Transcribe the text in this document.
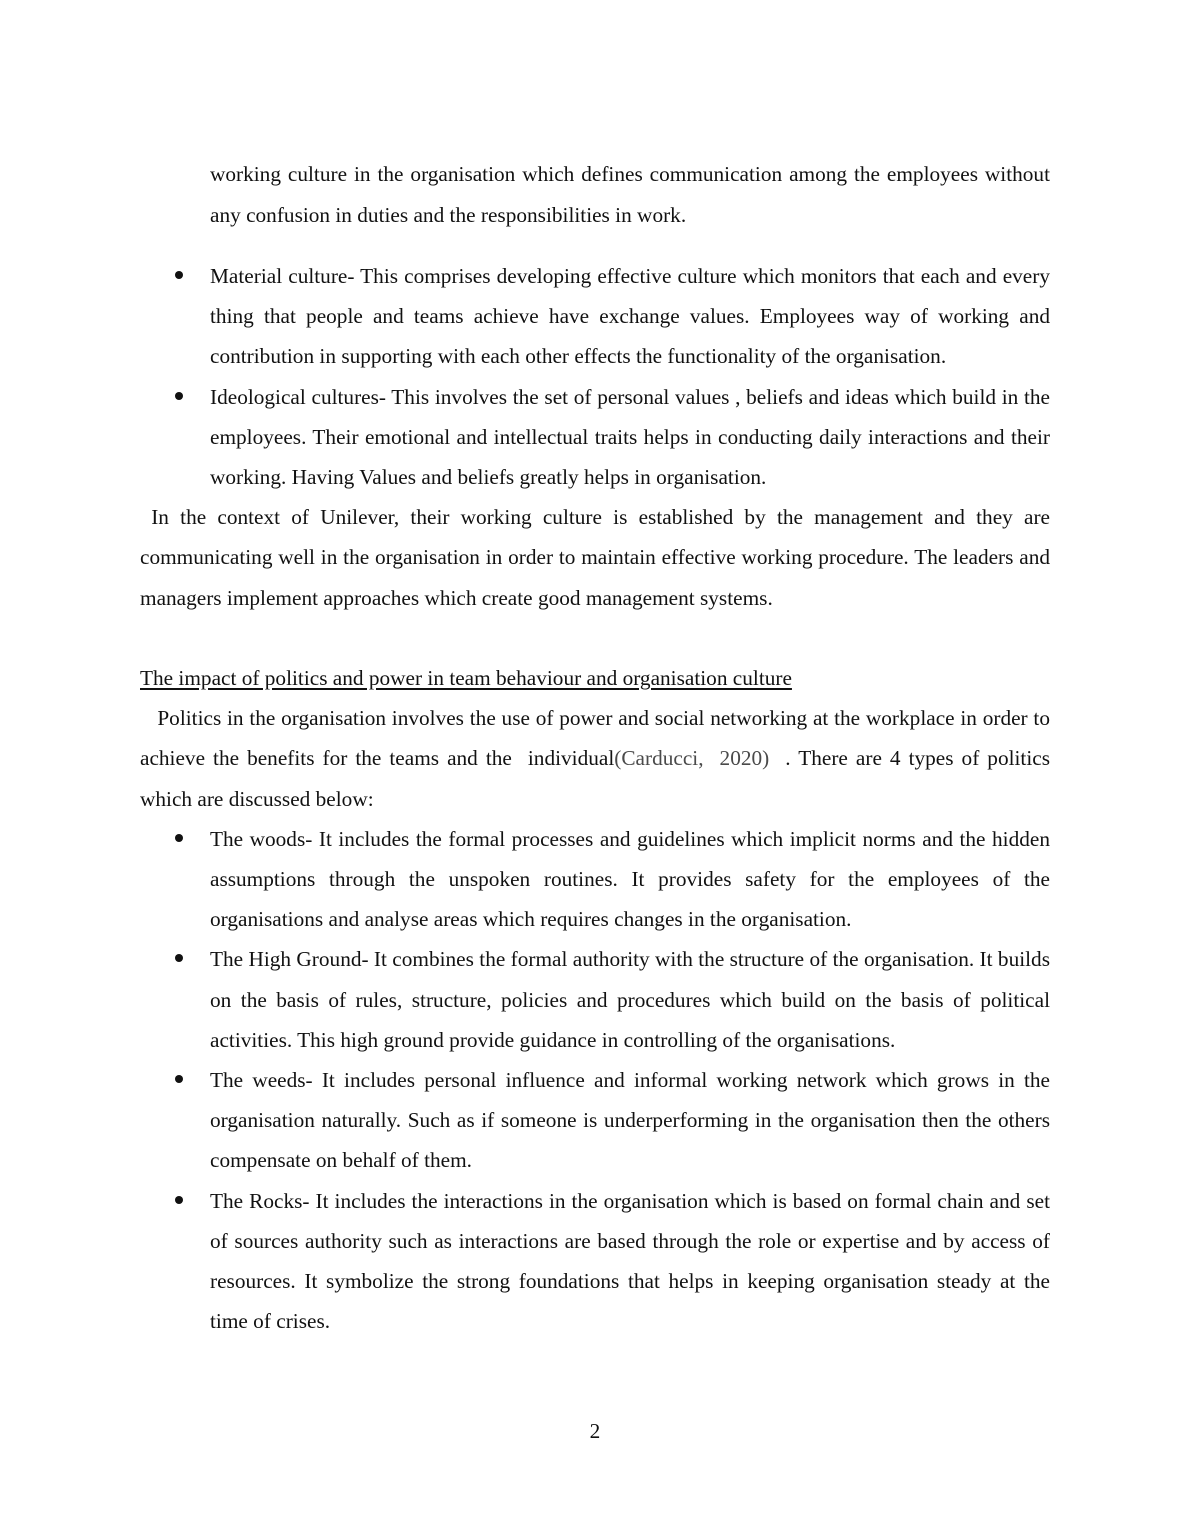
working culture in the organisation which defines communication among the employees without any confusion in duties and the responsibilities in work.

Material culture- This comprises developing effective culture which monitors that each and every thing that people and teams achieve have exchange values. Employees way of working and contribution in supporting with each other effects the functionality of the organisation.
Ideological cultures- This involves the set of personal values , beliefs and ideas which build in the employees. Their emotional and intellectual traits helps in conducting daily interactions and their working. Having Values and beliefs greatly helps in organisation.

In the context of Unilever, their working culture is established by the management and they are communicating well in the organisation in order to maintain effective working procedure. The leaders and managers implement approaches which create good management systems.

The impact of politics and power in team behaviour and organisation culture

Politics in the organisation involves the use of power and social networking at the workplace in order to achieve the benefits for the teams and the  individual(Carducci, 2020)  . There are 4 types of politics which are discussed below:

The woods- It includes the formal processes and guidelines which implicit norms and the hidden assumptions through the unspoken routines. It provides safety for the employees of the organisations and analyse areas which requires changes in the organisation.
The High Ground- It combines the formal authority with the structure of the organisation. It builds on the basis of rules, structure, policies and procedures which build on the basis of political activities. This high ground provide guidance in controlling of the organisations.
The weeds- It includes personal influence and informal working network which grows in the organisation naturally. Such as if someone is underperforming in the organisation then the others compensate on behalf of them.
The Rocks- It includes the interactions in the organisation which is based on formal chain and set of sources authority such as interactions are based through the role or expertise and by access of resources. It symbolize the strong foundations that helps in keeping organisation steady at the time of crises.
2
